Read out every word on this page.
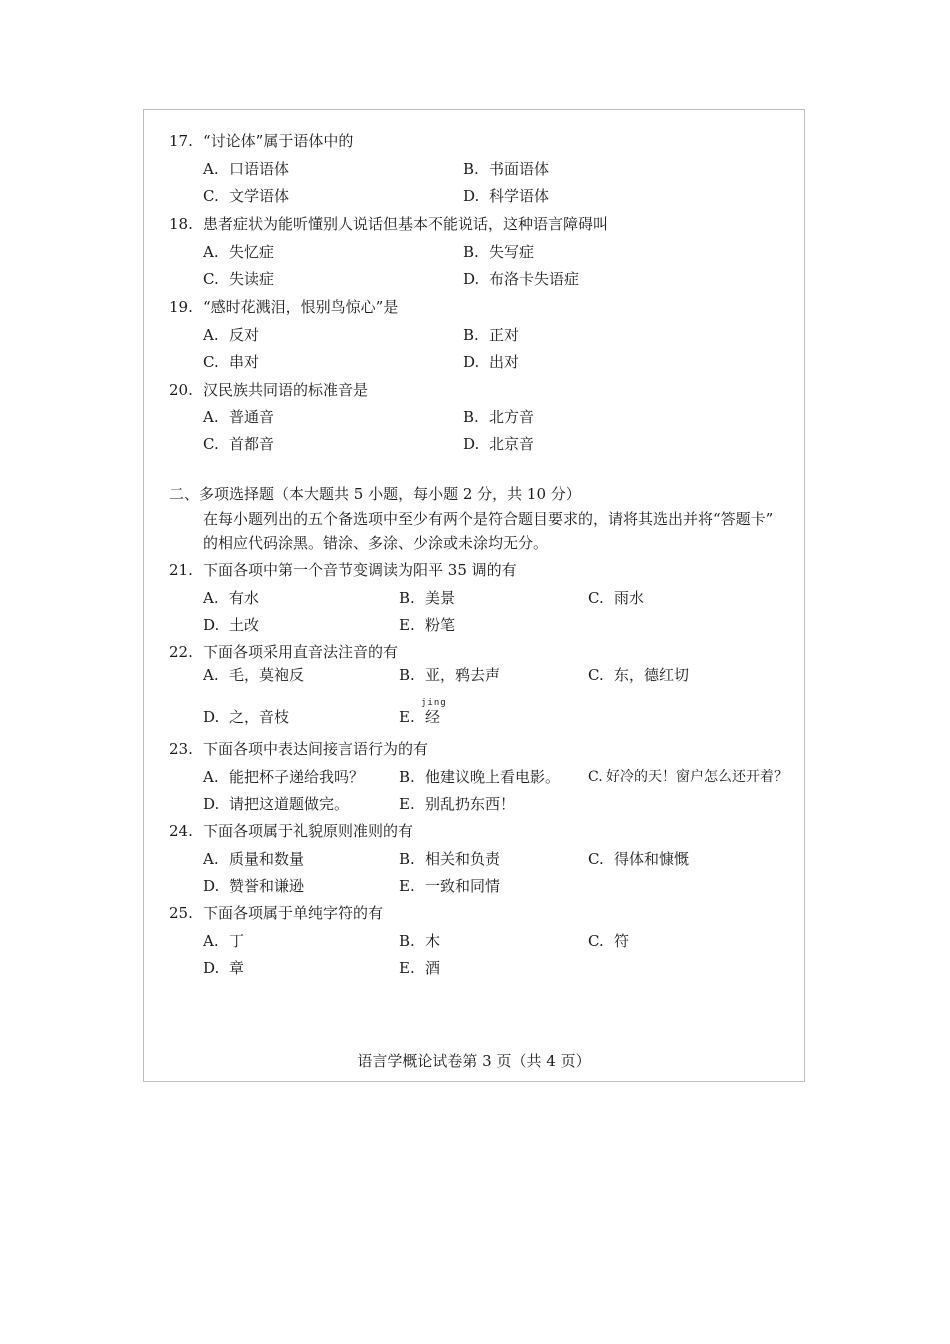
17. “讨论体”属于语体中的
A. 口语语体	B. 书面语体
C. 文学语体	D. 科学语体
18. 患者症状为能听懂别人说话但基本不能说话，这种语言障碍叫
A. 失忆症	B. 失写症
C. 失读症	D. 布洛卡失语症
19. “感时花溅泪，恨别鸟惊心”是
A. 反对	B. 正对
C. 串对	D. 出对
20. 汉民族共同语的标准音是
A. 普通音	B. 北方音
C. 首都音	D. 北京音
二、多项选择题（本大题共 5 小题，每小题 2 分，共 10 分）
在每小题列出的五个备选项中至少有两个是符合题目要求的，请将其选出并将“答题卡”
的相应代码涂黑。错涂、多涂、少涂或未涂均无分。
21. 下面各项中第一个音节变调读为阳平 35 调的有
A. 有水	B. 美景	C. 雨水
D. 土改	E. 粉笔
22. 下面各项采用直音法注音的有
A. 毛，莫袍反	B. 亚，鸦去声	C. 东，德红切
D. 之，音枝	E.
jing
经
23. 下面各项中表达间接言语行为的有
A. 能把杯子递给我吗？ B. 他建议晚上看电影。 C. 好冷的天！窗户怎么还开着？
D. 请把这道题做完。	E. 别乱扔东西！
24. 下面各项属于礼貌原则准则的有
A. 质量和数量	B. 相关和负责	C. 得体和慷慨
D. 赞誉和谦逊	E. 一致和同情
25. 下面各项属于单纯字符的有
A. 丁	B. 木	C. 符
D. 章	E. 酒
语言学概论试卷第 3 页（共 4 页）
